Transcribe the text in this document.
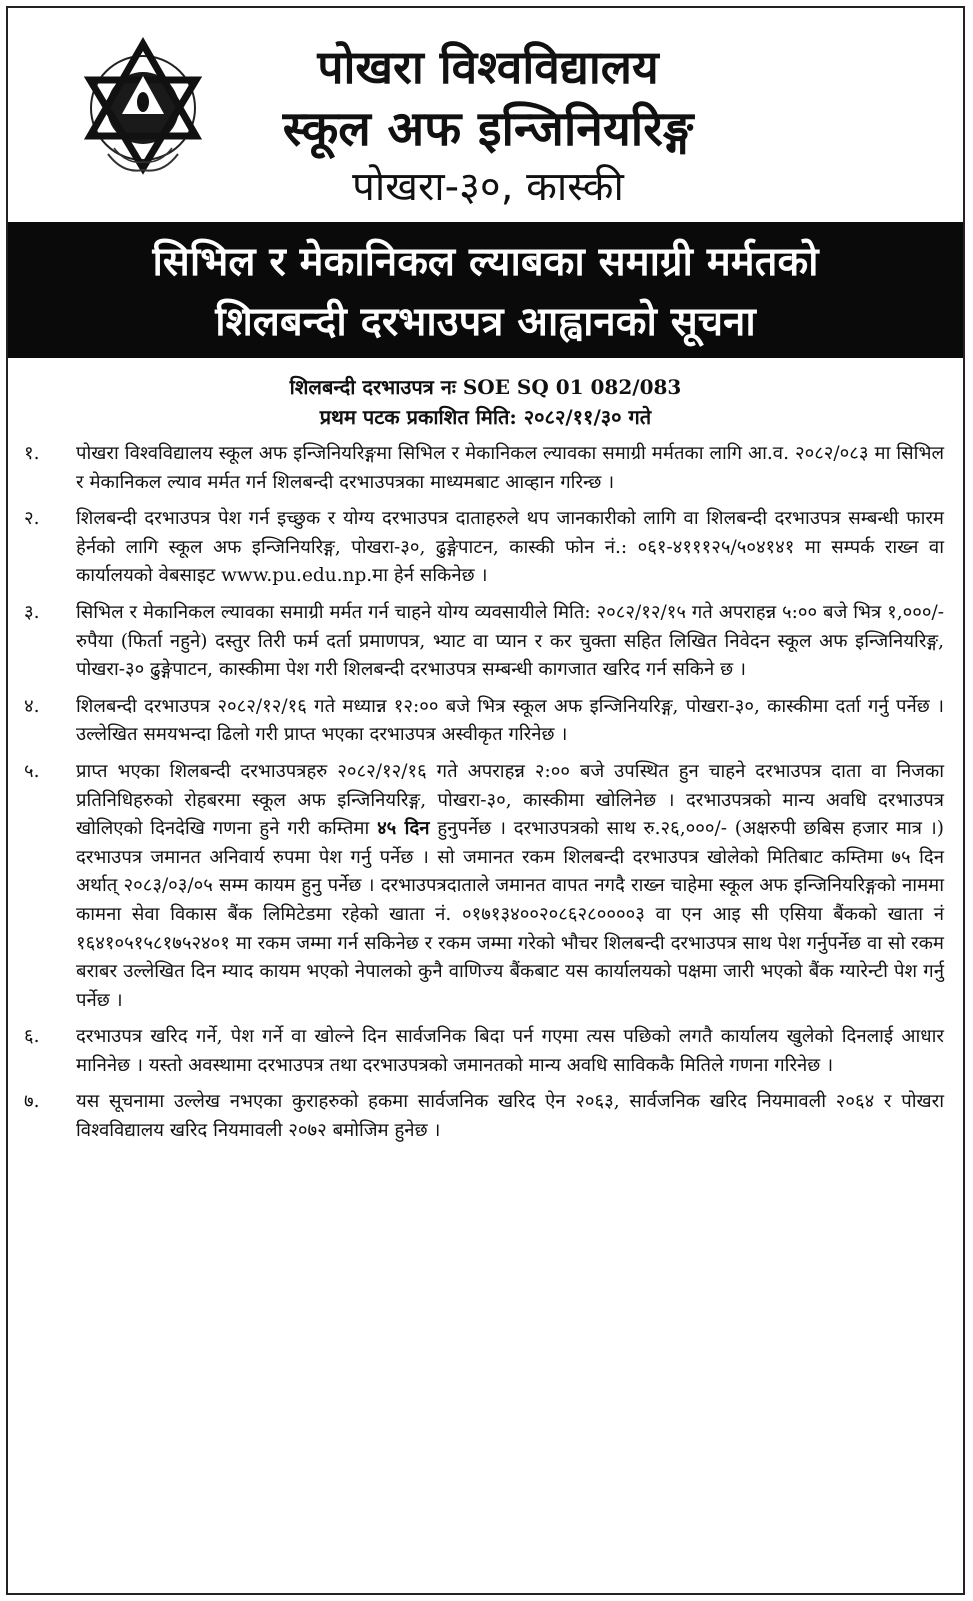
पोखरा विश्वविद्यालय
स्कूल अफ इन्जिनियरिङ्ग
पोखरा-३०, कास्की
सिभिल र मेकानिकल ल्याबका समाग्री मर्मतको
शिलबन्दी दरभाउपत्र आह्वानको सूचना
शिलबन्दी दरभाउपत्र नः SOE SQ 01 082/083
प्रथम पटक प्रकाशित मिति: २०८२/११/३० गते
१.	पोखरा विश्वविद्यालय स्कूल अफ इन्जिनियरिङ्गमा सिभिल र मेकानिकल ल्यावका समाग्री मर्मतका लागि आ.व. २०८२/०८३ मा सिभिल र मेकानिकल ल्याव मर्मत गर्न शिलबन्दी दरभाउपत्रका माध्यमबाट आव्हान गरिन्छ ।
२.	शिलबन्दी दरभाउपत्र पेश गर्न इच्छुक र योग्य दरभाउपत्र दाताहरुले थप जानकारीको लागि वा शिलबन्दी दरभाउपत्र सम्बन्धी फारम हेर्नको लागि स्कूल अफ इन्जिनियरिङ्ग, पोखरा-३०, ढुङ्गेपाटन, कास्की फोन नं.: ०६१-४१११२५/५०४१४१ मा सम्पर्क राख्न वा कार्यालयको वेबसाइट www.pu.edu.np.मा हेर्न सकिनेछ ।
३.	सिभिल र मेकानिकल ल्यावका समाग्री मर्मत गर्न चाहने योग्य व्यवसायीले मिति: २०८२/१२/१५ गते अपराहन्न ५:०० बजे भित्र १,०००/- रुपैया (फिर्ता नहुने) दस्तुर तिरी फर्म दर्ता प्रमाणपत्र, भ्याट वा प्यान र कर चुक्ता सहित लिखित निवेदन स्कूल अफ इन्जिनियरिङ्ग, पोखरा-३० ढुङ्गेपाटन, कास्कीमा पेश गरी शिलबन्दी दरभाउपत्र सम्बन्धी कागजात खरिद गर्न सकिने छ ।
४.	शिलबन्दी दरभाउपत्र २०८२/१२/१६ गते मध्यान्न १२:०० बजे भित्र स्कूल अफ इन्जिनियरिङ्ग, पोखरा-३०, कास्कीमा दर्ता गर्नु पर्नेछ । उल्लेखित समयभन्दा ढिलो गरी प्राप्त भएका दरभाउपत्र अस्वीकृत गरिनेछ ।
५.	प्राप्त भएका शिलबन्दी दरभाउपत्रहरु २०८२/१२/१६ गते अपराहन्न २:०० बजे उपस्थित हुन चाहने दरभाउपत्र दाता वा निजका प्रतिनिधिहरुको रोहबरमा स्कूल अफ इन्जिनियरिङ्ग, पोखरा-३०, कास्कीमा खोलिनेछ । दरभाउपत्रको मान्य अवधि दरभाउपत्र खोलिएको दिनदेखि गणना हुने गरी कम्तिमा ४५ दिन हुनुपर्नेछ । दरभाउपत्रको साथ रु.२६,०००/- (अक्षरुपी छबिस हजार मात्र ।) दरभाउपत्र जमानत अनिवार्य रुपमा पेश गर्नु पर्नेछ । सो जमानत रकम शिलबन्दी दरभाउपत्र खोलेको मितिबाट कम्तिमा ७५ दिन अर्थात् २०८३/०३/०५ सम्म कायम हुनु पर्नेछ । दरभाउपत्रदाताले जमानत वापत नगदै राख्न चाहेमा स्कूल अफ इन्जिनियरिङ्गको नाममा कामना सेवा विकास बैंक लिमिटेडमा रहेको खाता नं. ०१७१३४००२०८६२८००००३ वा एन आइ सी एसिया बैंकको खाता नं १६४१०५१५८१७५२४०१ मा रकम जम्मा गर्न सकिनेछ र रकम जम्मा गरेको भौचर शिलबन्दी दरभाउपत्र साथ पेश गर्नुपर्नेछ वा सो रकम बराबर उल्लेखित दिन म्याद कायम भएको नेपालको कुनै वाणिज्य बैंकबाट यस कार्यालयको पक्षमा जारी भएको बैंक ग्यारेन्टी पेश गर्नु पर्नेछ ।
६.	दरभाउपत्र खरिद गर्ने, पेश गर्ने वा खोल्ने दिन सार्वजनिक बिदा पर्न गएमा त्यस पछिको लगतै कार्यालय खुलेको दिनलाई आधार मानिनेछ । यस्तो अवस्थामा दरभाउपत्र तथा दरभाउपत्रको जमानतको मान्य अवधि साविककै मितिले गणना गरिनेछ ।
७.	यस सूचनामा उल्लेख नभएका कुराहरुको हकमा सार्वजनिक खरिद ऐन २०६३, सार्वजनिक खरिद नियमावली २०६४ र पोखरा विश्वविद्यालय खरिद नियमावली २०७२ बमोजिम हुनेछ ।
